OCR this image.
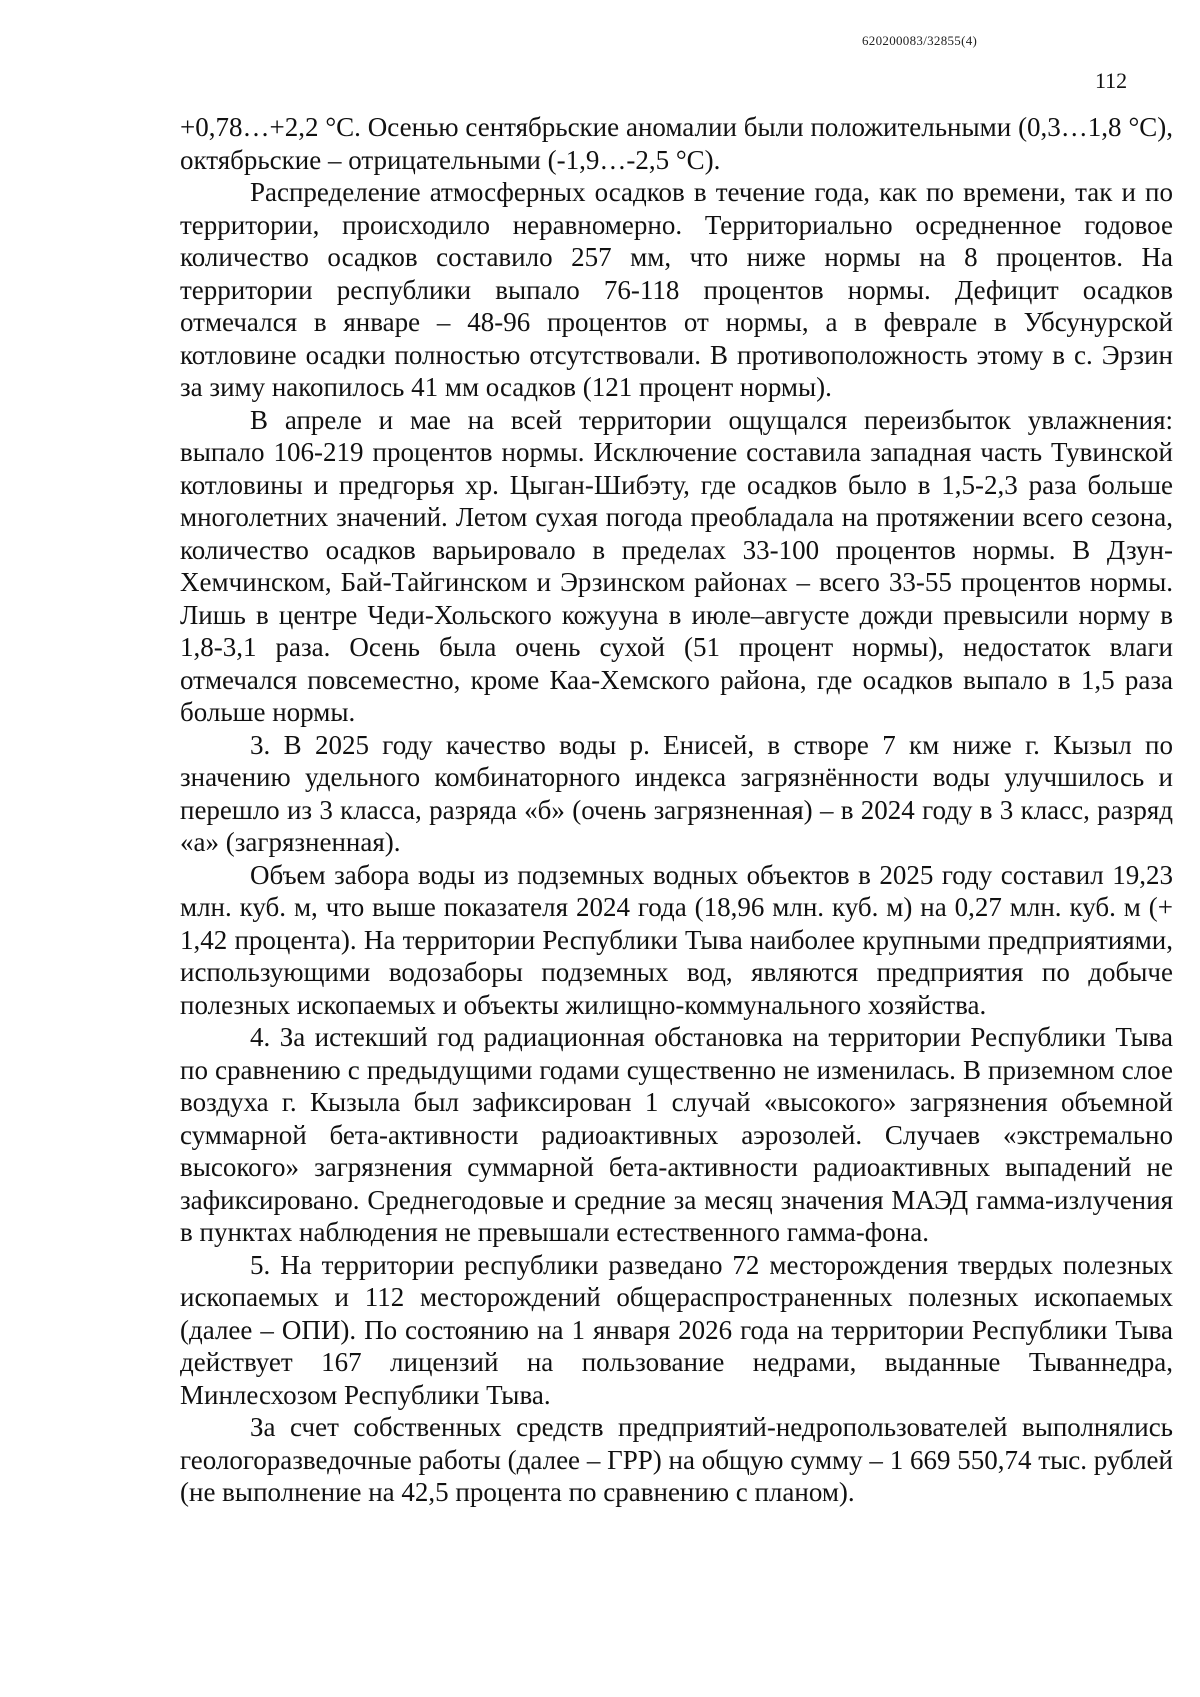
620200083/32855(4)
112

+0,78…+2,2 °С. Осенью сентябрьские аномалии были положительными (0,3…1,8 °С), октябрьские – отрицательными (-1,9…-2,5 °С).

Распределение атмосферных осадков в течение года, как по времени, так и по территории, происходило неравномерно. Территориально осредненное годовое количество осадков составило 257 мм, что ниже нормы на 8 процентов. На территории республики выпало 76-118 процентов нормы. Дефицит осадков отмечался в январе – 48-96 процентов от нормы, а в феврале в Убсунурской котловине осадки полностью отсутствовали. В противоположность этому в с. Эрзин за зиму накопилось 41 мм осадков (121 процент нормы).

В апреле и мае на всей территории ощущался переизбыток увлажнения: выпало 106-219 процентов нормы. Исключение составила западная часть Тувинской котловины и предгорья хр. Цыган-Шибэту, где осадков было в 1,5-2,3 раза больше многолетних значений. Летом сухая погода преобладала на протяжении всего сезона, количество осадков варьировало в пределах 33-100 процентов нормы. В Дзун-Хемчинском, Бай-Тайгинском и Эрзинском районах – всего 33-55 процентов нормы. Лишь в центре Чеди-Хольского кожууна в июле–августе дожди превысили норму в 1,8-3,1 раза. Осень была очень сухой (51 процент нормы), недостаток влаги отмечался повсеместно, кроме Каа-Хемского района, где осадков выпало в 1,5 раза больше нормы.

3. В 2025 году качество воды р. Енисей, в створе 7 км ниже г. Кызыл по значению удельного комбинаторного индекса загрязнённости воды улучшилось и перешло из 3 класса, разряда «б» (очень загрязненная) – в 2024 году в 3 класс, разряд «а» (загрязненная).

Объем забора воды из подземных водных объектов в 2025 году составил 19,23 млн. куб. м, что выше показателя 2024 года (18,96 млн. куб. м) на 0,27 млн. куб. м (+ 1,42 процента). На территории Республики Тыва наиболее крупными предприятиями, использующими водозаборы подземных вод, являются предприятия по добыче полезных ископаемых и объекты жилищно-коммунального хозяйства.

4. За истекший год радиационная обстановка на территории Республики Тыва по сравнению с предыдущими годами существенно не изменилась. В приземном слое воздуха г. Кызыла был зафиксирован 1 случай «высокого» загрязнения объемной суммарной бета-активности радиоактивных аэрозолей. Случаев «экстремально высокого» загрязнения суммарной бета-активности радиоактивных выпадений не зафиксировано. Среднегодовые и средние за месяц значения МАЭД гамма-излучения в пунктах наблюдения не превышали естественного гамма-фона.

5. На территории республики разведано 72 месторождения твердых полезных ископаемых и 112 месторождений общераспространенных полезных ископаемых (далее – ОПИ). По состоянию на 1 января 2026 года на территории Республики Тыва действует 167 лицензий на пользование недрами, выданные Тываннедра, Минлесхозом Республики Тыва.

За счет собственных средств предприятий-недропользователей выполнялись геологоразведочные работы (далее – ГРР) на общую сумму – 1 669 550,74 тыс. рублей (не выполнение на 42,5 процента по сравнению с планом).
